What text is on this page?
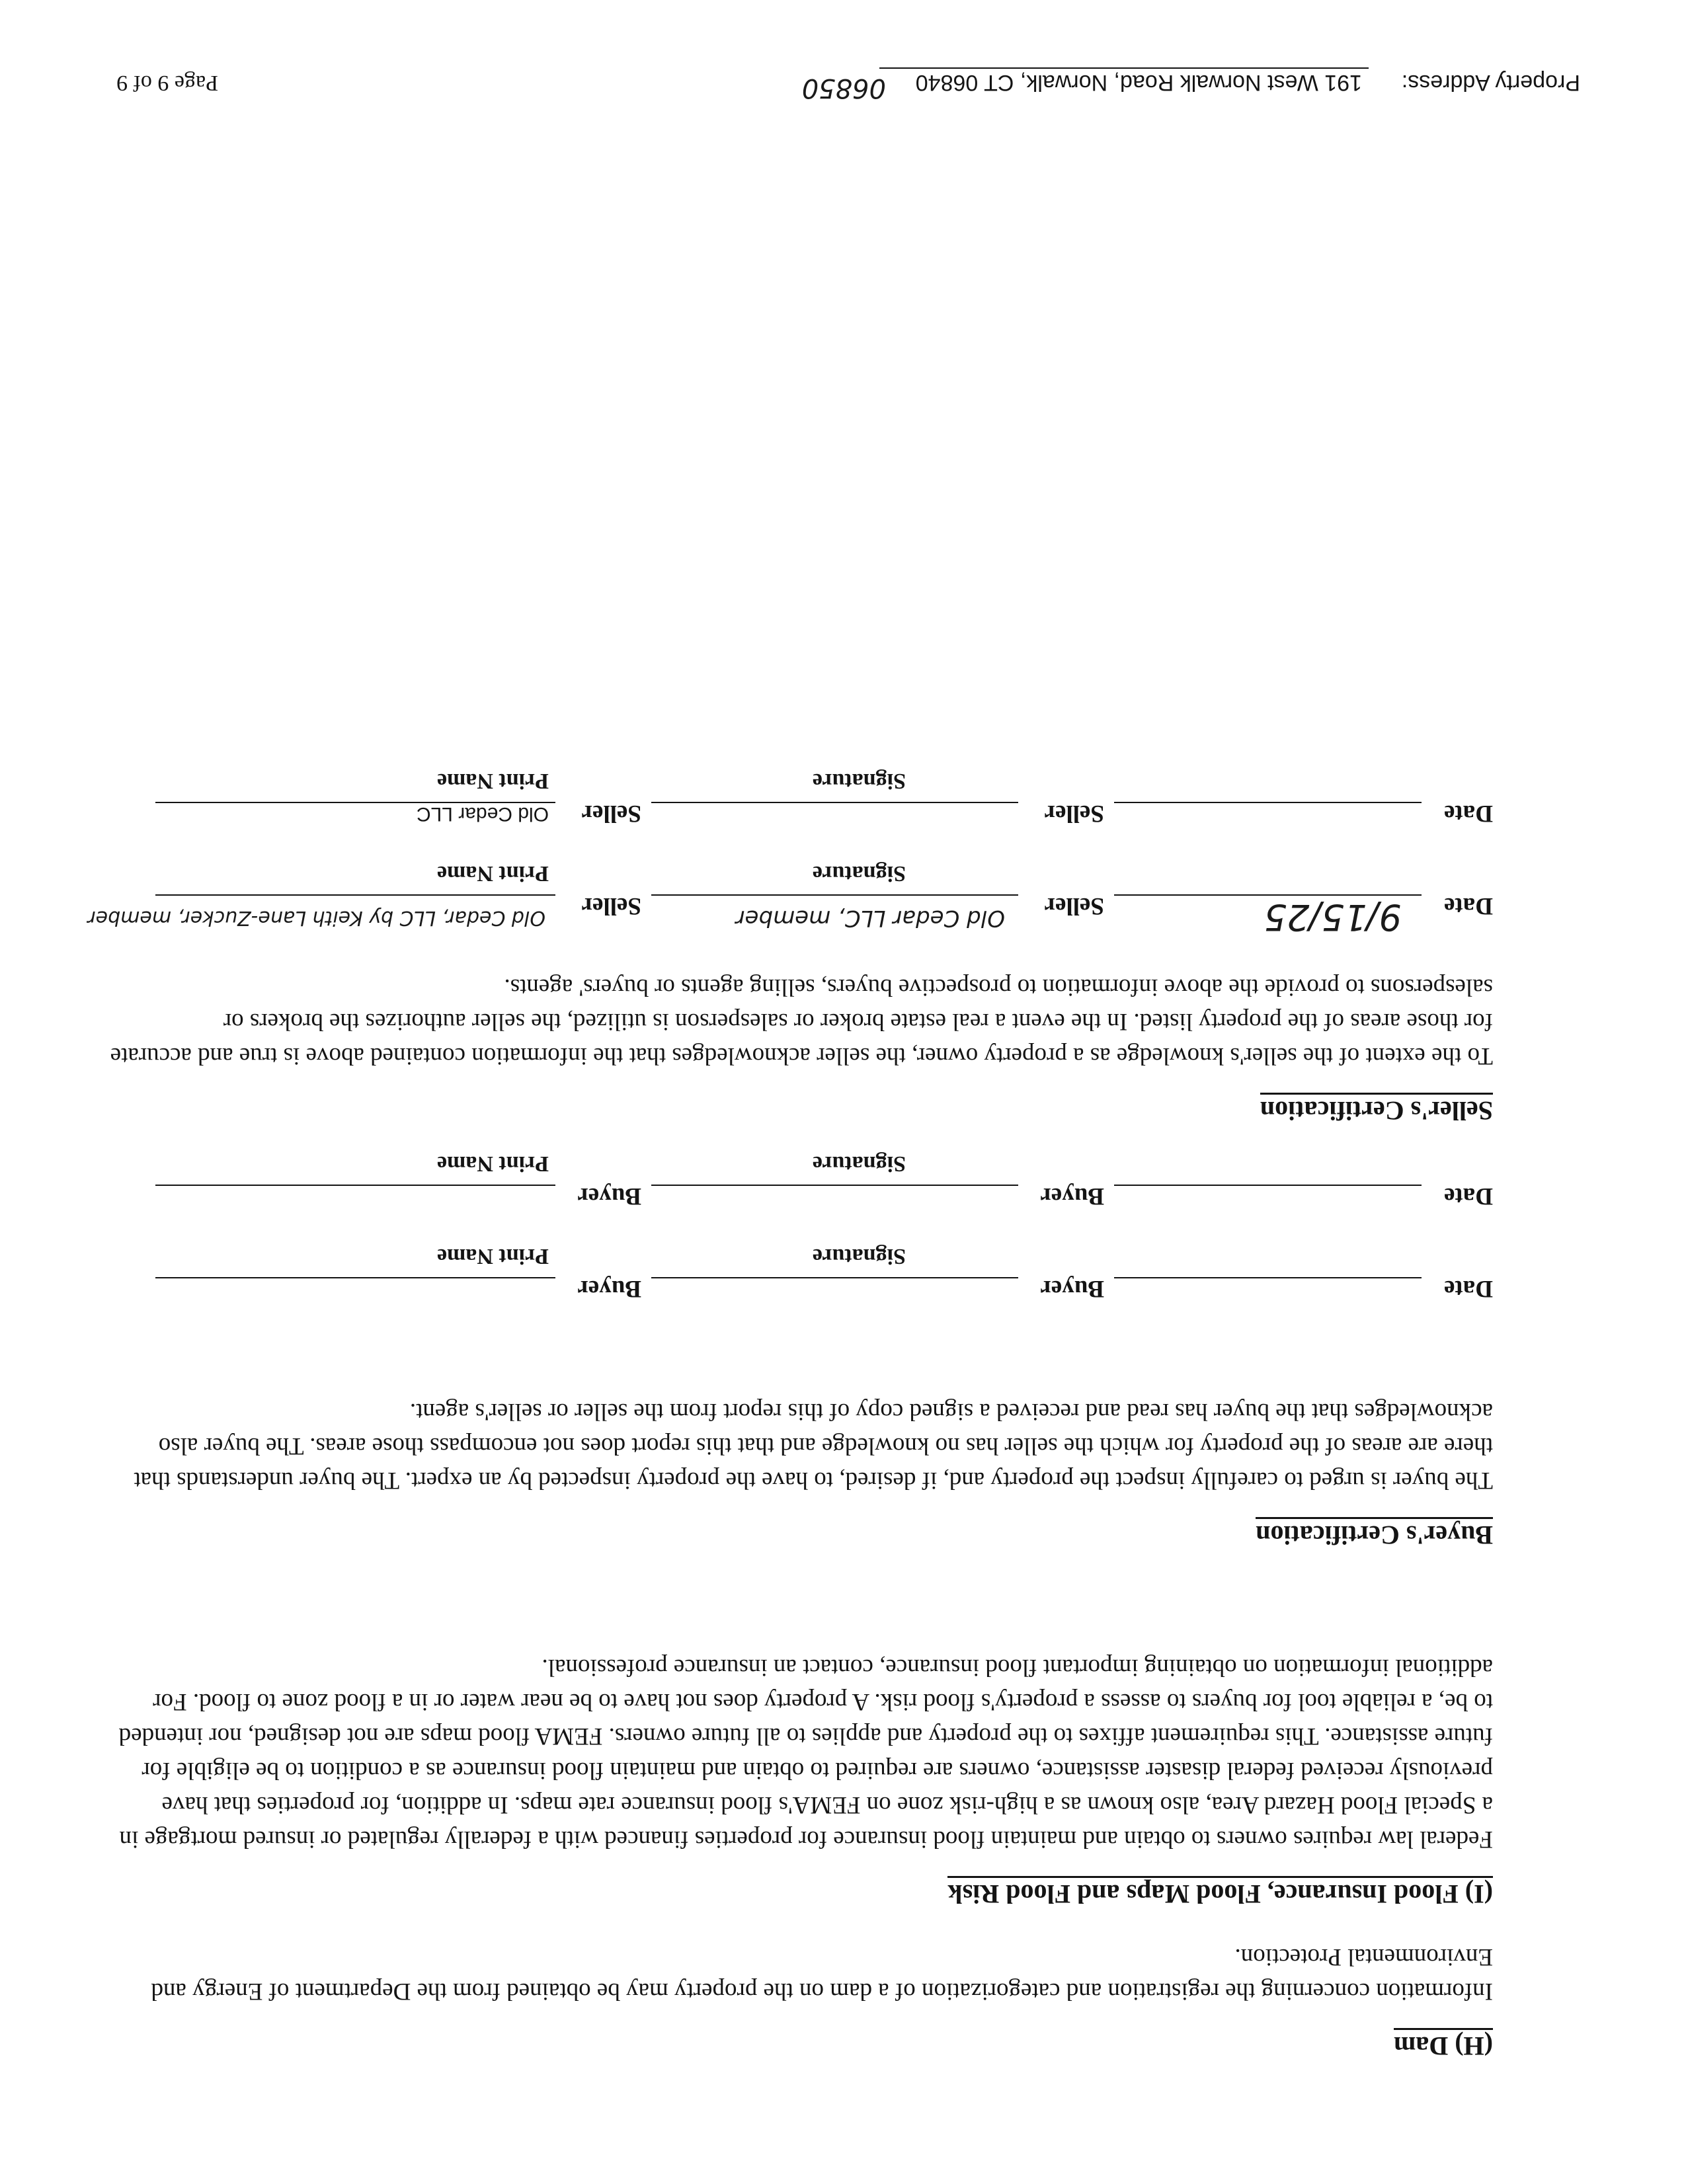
(H) Dam

Information concerning the registration and categorization of a dam on the property may be obtained from the Department of Energy and Environmental Protection.

(I) Flood Insurance, Flood Maps and Flood Risk

Federal law requires owners to obtain and maintain flood insurance for properties financed with a federally regulated or insured mortgage in a Special Flood Hazard Area, also known as a high-risk zone on FEMA's flood insurance rate maps. In addition, for properties that have previously received federal disaster assistance, owners are required to obtain and maintain flood insurance as a condition to be eligible for future assistance. This requirement affixes to the property and applies to all future owners. FEMA flood maps are not designed, nor intended to be, a reliable tool for buyers to assess a property's flood risk. A property does not have to be near water or in a flood zone to flood. For additional information on obtaining important flood insurance, contact an insurance professional.

Buyer's Certification

The buyer is urged to carefully inspect the property and, if desired, to have the property inspected by an expert. The buyer understands that there are areas of the property for which the seller has no knowledge and that this report does not encompass those areas. The buyer also acknowledges that the buyer has read and received a signed copy of this report from the seller or seller's agent.

Date
Buyer
Signature
Buyer
Print Name
Date
Buyer
Signature
Buyer
Print Name
Seller's Certification

To the extent of the seller's knowledge as a property owner, the seller acknowledges that the information contained above is true and accurate for those areas of the property listed. In the event a real estate broker or salesperson is utilized, the seller authorizes the brokers or salespersons to provide the above information to prospective buyers, selling agents or buyers' agents.

Date
9/15/25
Seller
Old Cedar LLC, member
Signature
Seller
Old Cedar, LLC by Keith Lane-Zucker, member
Print Name
Date
Seller
Signature
Seller
Old Cedar LLC
Print Name
Property Address:
191 West Norwalk Road, Norwalk, CT 06840
06850
Page 9 of 9
